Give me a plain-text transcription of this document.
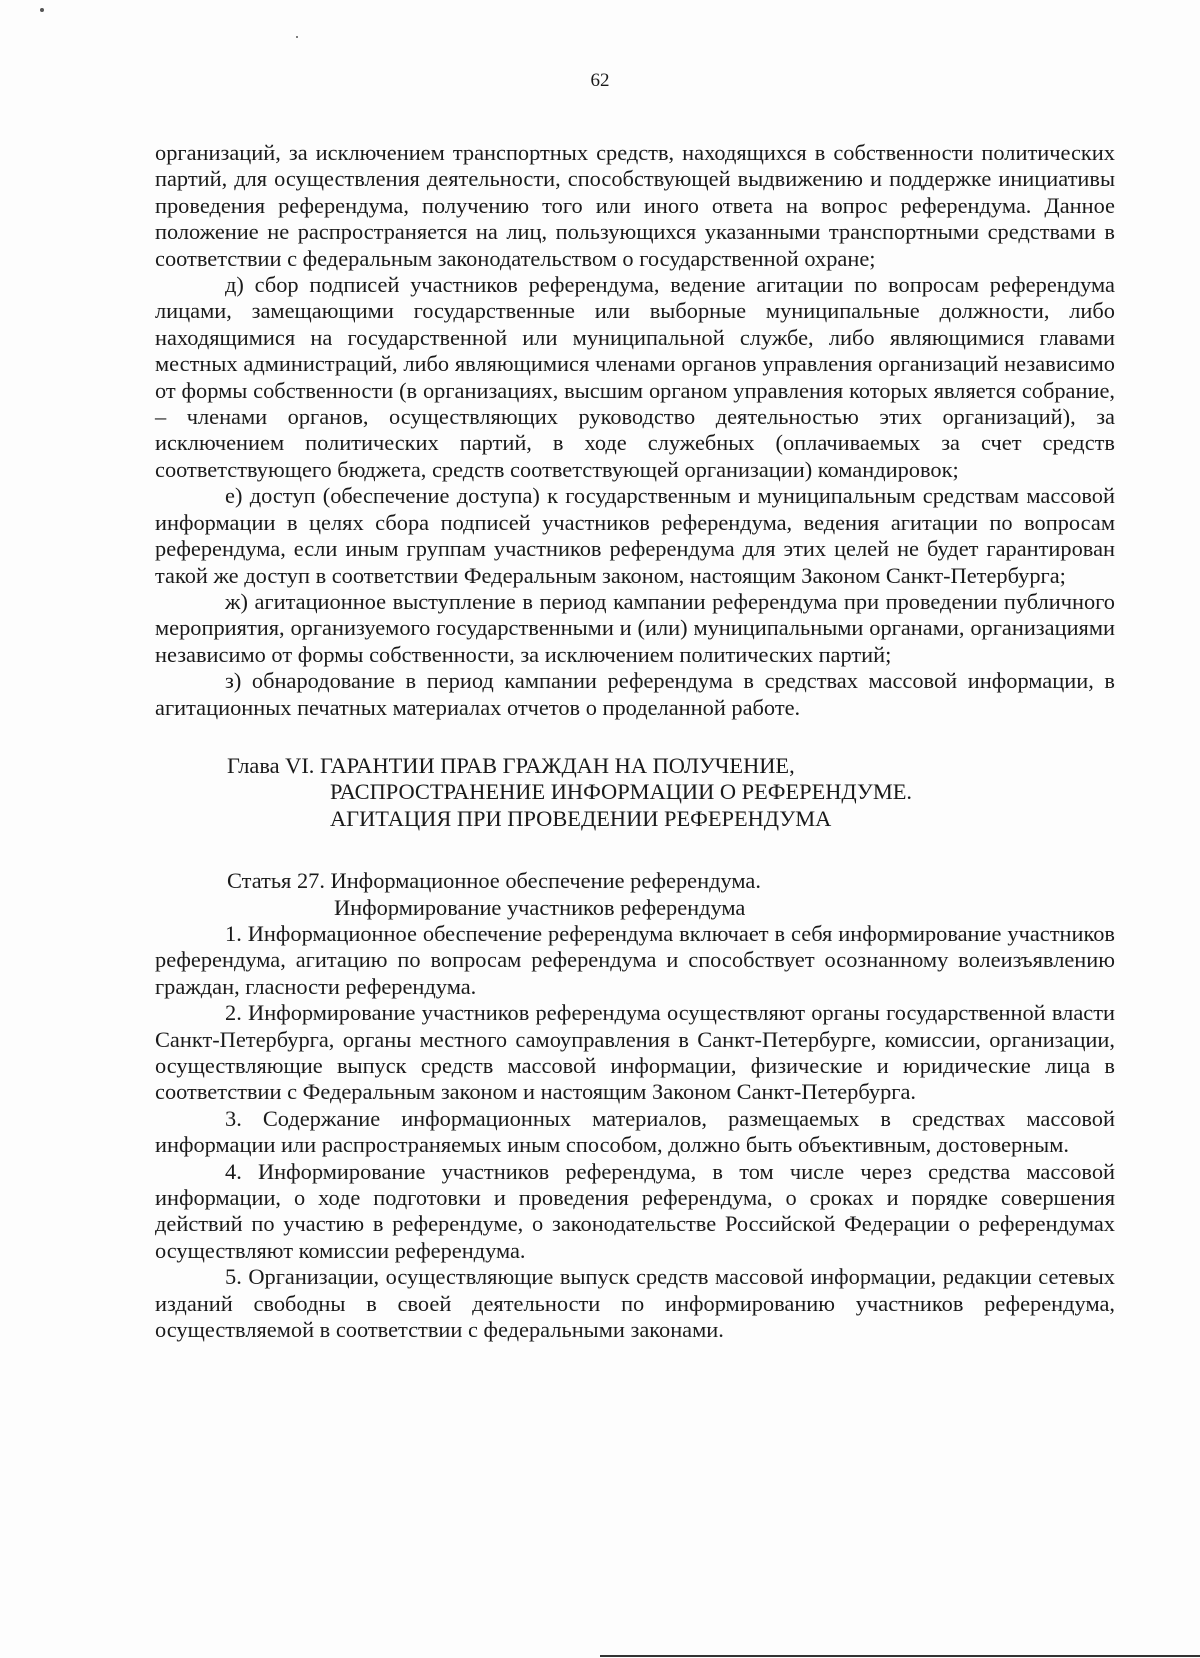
62

организаций, за исключением транспортных средств, находящихся в собственности политических партий, для осуществления деятельности, способствующей выдвижению и поддержке инициативы проведения референдума, получению того или иного ответа на вопрос референдума. Данное положение не распространяется на лиц, пользующихся указанными транспортными средствами в соответствии с федеральным законодательством о государственной охране;

д) сбор подписей участников референдума, ведение агитации по вопросам референдума лицами, замещающими государственные или выборные муниципальные должности, либо находящимися на государственной или муниципальной службе, либо являющимися главами местных администраций, либо являющимися членами органов управления организаций независимо от формы собственности (в организациях, высшим органом управления которых является собрание, – членами органов, осуществляющих руководство деятельностью этих организаций), за исключением политических партий, в ходе служебных (оплачиваемых за счет средств соответствующего бюджета, средств соответствующей организации) командировок;

е) доступ (обеспечение доступа) к государственным и муниципальным средствам массовой информации в целях сбора подписей участников референдума, ведения агитации по вопросам референдума, если иным группам участников референдума для этих целей не будет гарантирован такой же доступ в соответствии Федеральным законом, настоящим Законом Санкт-Петербурга;

ж) агитационное выступление в период кампании референдума при проведении публичного мероприятия, организуемого государственными и (или) муниципальными органами, организациями независимо от формы собственности, за исключением политических партий;

з) обнародование в период кампании референдума в средствах массовой информации, в агитационных печатных материалах отчетов о проделанной работе.

Глава VI. ГАРАНТИИ ПРАВ ГРАЖДАН НА ПОЛУЧЕНИЕ,
РАСПРОСТРАНЕНИЕ ИНФОРМАЦИИ О РЕФЕРЕНДУМЕ.
АГИТАЦИЯ ПРИ ПРОВЕДЕНИИ РЕФЕРЕНДУМА
Статья 27. Информационное обеспечение референдума.
Информирование участников референдума

1. Информационное обеспечение референдума включает в себя информирование участников референдума, агитацию по вопросам референдума и способствует осознанному волеизъявлению граждан, гласности референдума.

2. Информирование участников референдума осуществляют органы государственной власти Санкт-Петербурга, органы местного самоуправления в Санкт-Петербурге, комиссии, организации, осуществляющие выпуск средств массовой информации, физические и юридические лица в соответствии с Федеральным законом и настоящим Законом Санкт-Петербурга.

3. Содержание информационных материалов, размещаемых в средствах массовой информации или распространяемых иным способом, должно быть объективным, достоверным.

4. Информирование участников референдума, в том числе через средства массовой информации, о ходе подготовки и проведения референдума, о сроках и порядке совершения действий по участию в референдуме, о законодательстве Российской Федерации о референдумах осуществляют комиссии референдума.

5. Организации, осуществляющие выпуск средств массовой информации, редакции сетевых изданий свободны в своей деятельности по информированию участников референдума, осуществляемой в соответствии с федеральными законами.
